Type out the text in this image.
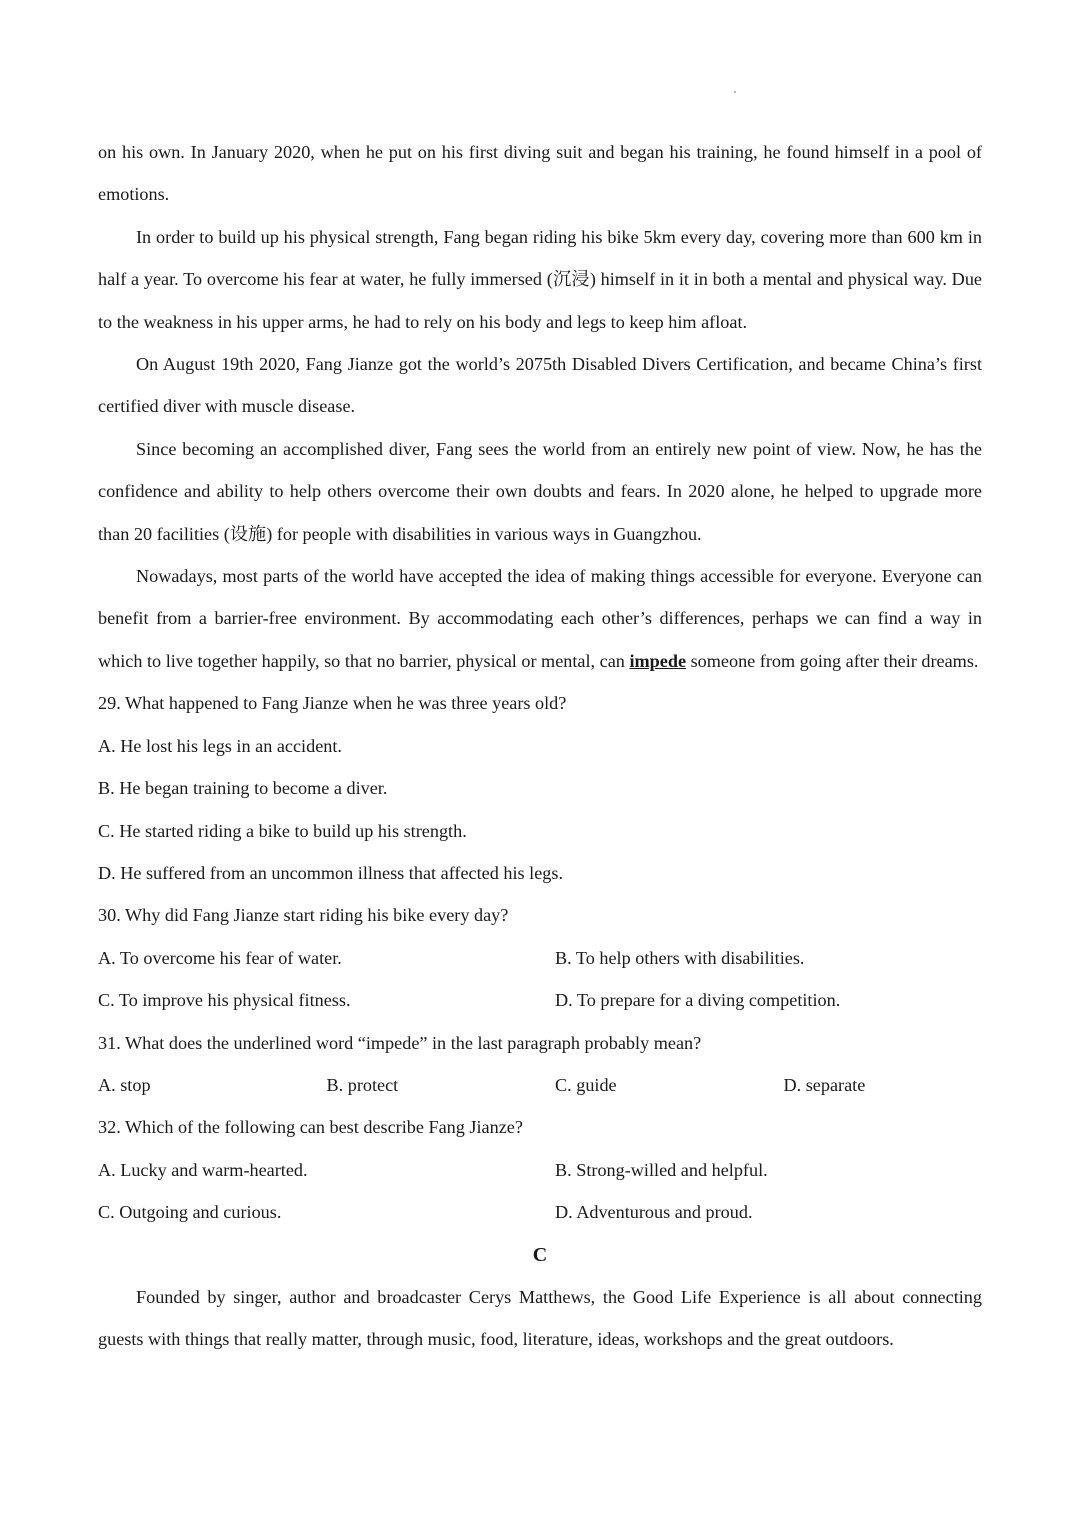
on his own. In January 2020, when he put on his first diving suit and began his training, he found himself in a pool of emotions.

In order to build up his physical strength, Fang began riding his bike 5km every day, covering more than 600 km in half a year. To overcome his fear at water, he fully immersed (沉浸) himself in it in both a mental and physical way. Due to the weakness in his upper arms, he had to rely on his body and legs to keep him afloat.

On August 19th 2020, Fang Jianze got the world’s 2075th Disabled Divers Certification, and became China’s first certified diver with muscle disease.

Since becoming an accomplished diver, Fang sees the world from an entirely new point of view. Now, he has the confidence and ability to help others overcome their own doubts and fears. In 2020 alone, he helped to upgrade more than 20 facilities (设施) for people with disabilities in various ways in Guangzhou.

Nowadays, most parts of the world have accepted the idea of making things accessible for everyone. Everyone can benefit from a barrier-free environment. By accommodating each other’s differences, perhaps we can find a way in which to live together happily, so that no barrier, physical or mental, can impede someone from going after their dreams.

29. What happened to Fang Jianze when he was three years old?

A. He lost his legs in an accident.

B. He began training to become a diver.

C. He started riding a bike to build up his strength.

D. He suffered from an uncommon illness that affected his legs.

30. Why did Fang Jianze start riding his bike every day?

A. To overcome his fear of water.	B. To help others with disabilities.
C. To improve his physical fitness.	D. To prepare for a diving competition.

31. What does the underlined word “impede” in the last paragraph probably mean?

A. stop	B. protect	C. guide	D. separate

32. Which of the following can best describe Fang Jianze?

A. Lucky and warm-hearted.	B. Strong-willed and helpful.
C. Outgoing and curious.	D. Adventurous and proud.

C

Founded by singer, author and broadcaster Cerys Matthews, the Good Life Experience is all about connecting guests with things that really matter, through music, food, literature, ideas, workshops and the great outdoors.
